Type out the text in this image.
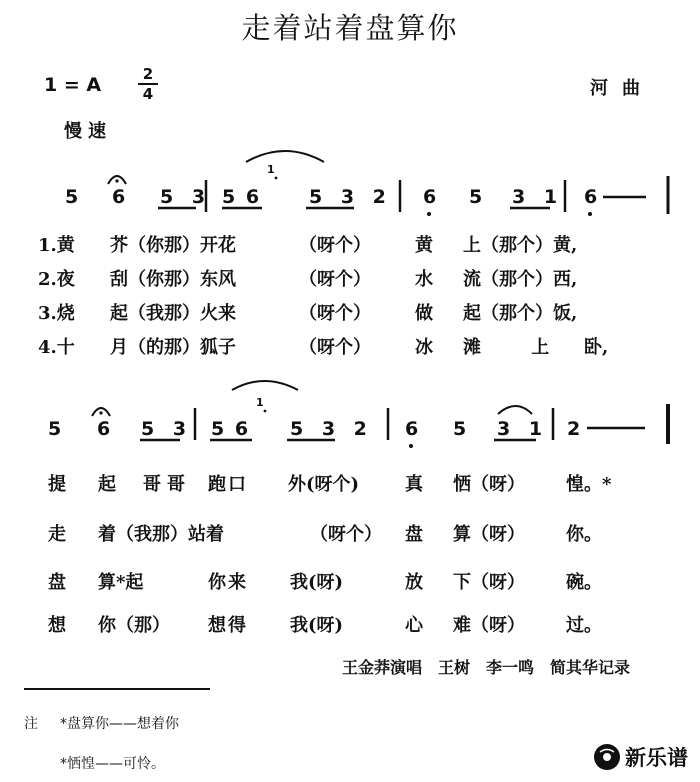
走着站着盘算你
1 = A	2
4	河曲
慢速
5 6 5 3 5 6
1
5 3 2 6 5 3 1 6
1.黄 芥（你那）开花	（呀个） 黄 上（那个）黄,
2.夜 刮（你那）东风	（呀个） 水 流（那个）西,
3.烧 起（我那）火来	（呀个） 做 起（那个）饭,
4.十 月（的那）狐子	（呀个） 冰 滩 上 卧,
5 6 5 3 5 6
1
5 3 2 6 5 3 1 2
提 起 哥哥 跑口 外(呀个)	真 恓（呀） 惶。*
走 着（我那）站着	（呀个） 盘 算（呀） 你。
盘 算*起	你来 我(呀)	放 下（呀） 碗。
想 你（那） 想得 我(呀)	心 难（呀） 过。
王金莽演唱　王树　李一鸣　简其华记录
注 *盘算你——想着你
*恓惶——可怜。	新乐谱
